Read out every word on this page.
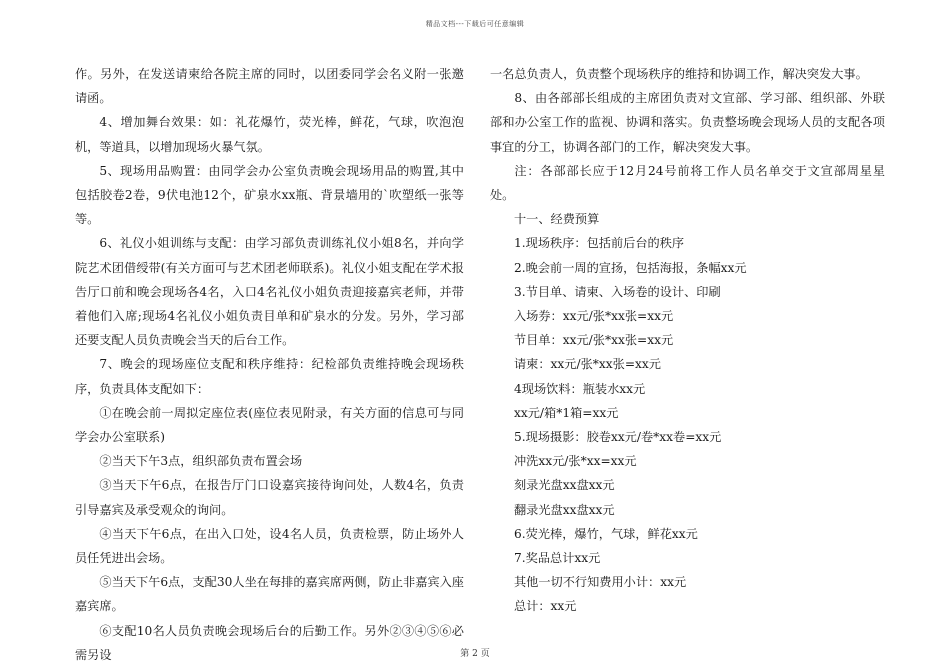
精品文档---下载后可任意编辑

作。另外，在发送请柬给各院主席的同时，以团委同学会名义附一张邀请函。

4、增加舞台效果：如：礼花爆竹，荧光棒，鲜花，气球，吹泡泡机，等道具，以增加现场火暴气氛。

5、现场用品购置：由同学会办公室负责晚会现场用品的购置,其中包括胶卷2卷，9伏电池12个，矿泉水xx瓶、背景墙用的`吹塑纸一张等等。

6、礼仪小姐训练与支配：由学习部负责训练礼仪小姐8名，并向学院艺术团借绶带(有关方面可与艺术团老师联系)。礼仪小姐支配在学术报告厅口前和晚会现场各4名，入口4名礼仪小姐负责迎接嘉宾老师，并带着他们入席;现场4名礼仪小姐负责目单和矿泉水的分发。另外，学习部还要支配人员负责晚会当天的后台工作。

7、晚会的现场座位支配和秩序维持：纪检部负责维持晚会现场秩序，负责具体支配如下：

①在晚会前一周拟定座位表(座位表见附录，有关方面的信息可与同学会办公室联系)

②当天下午3点，组织部负责布置会场

③当天下午6点，在报告厅门口设嘉宾接待询问处，人数4名，负责引导嘉宾及承受观众的询问。

④当天下午6点，在出入口处，设4名人员，负责检票，防止场外人员任凭进出会场。

⑤当天下午6点，支配30人坐在每排的嘉宾席两侧，防止非嘉宾入座嘉宾席。

⑥支配10名人员负责晚会现场后台的后勤工作。另外②③④⑤⑥必需另设

一名总负责人，负责整个现场秩序的维持和协调工作，解决突发大事。

8、由各部部长组成的主席团负责对文宣部、学习部、组织部、外联部和办公室工作的监视、协调和落实。负责整场晚会现场人员的支配各项事宜的分工，协调各部门的工作，解决突发大事。

注：各部部长应于12月24号前将工作人员名单交于文宣部周星星处。

十一、经费预算

1.现场秩序：包括前后台的秩序

2.晚会前一周的宣扬，包括海报，条幅xx元

3.节目单、请柬、入场卷的设计、印刷

入场券：xx元/张*xx张=xx元

节目单：xx元/张*xx张=xx元

请柬：xx元/张*xx张=xx元

4现场饮料：瓶装水xx元

xx元/箱*1箱=xx元

5.现场摄影：胶卷xx元/卷*xx卷=xx元

冲洗xx元/张*xx=xx元

刻录光盘xx盘xx元

翻录光盘xx盘xx元

6.荧光棒，爆竹，气球，鲜花xx元

7.奖品总计xx元

其他一切不行知费用小计：xx元

总计：xx元

第 2 页
